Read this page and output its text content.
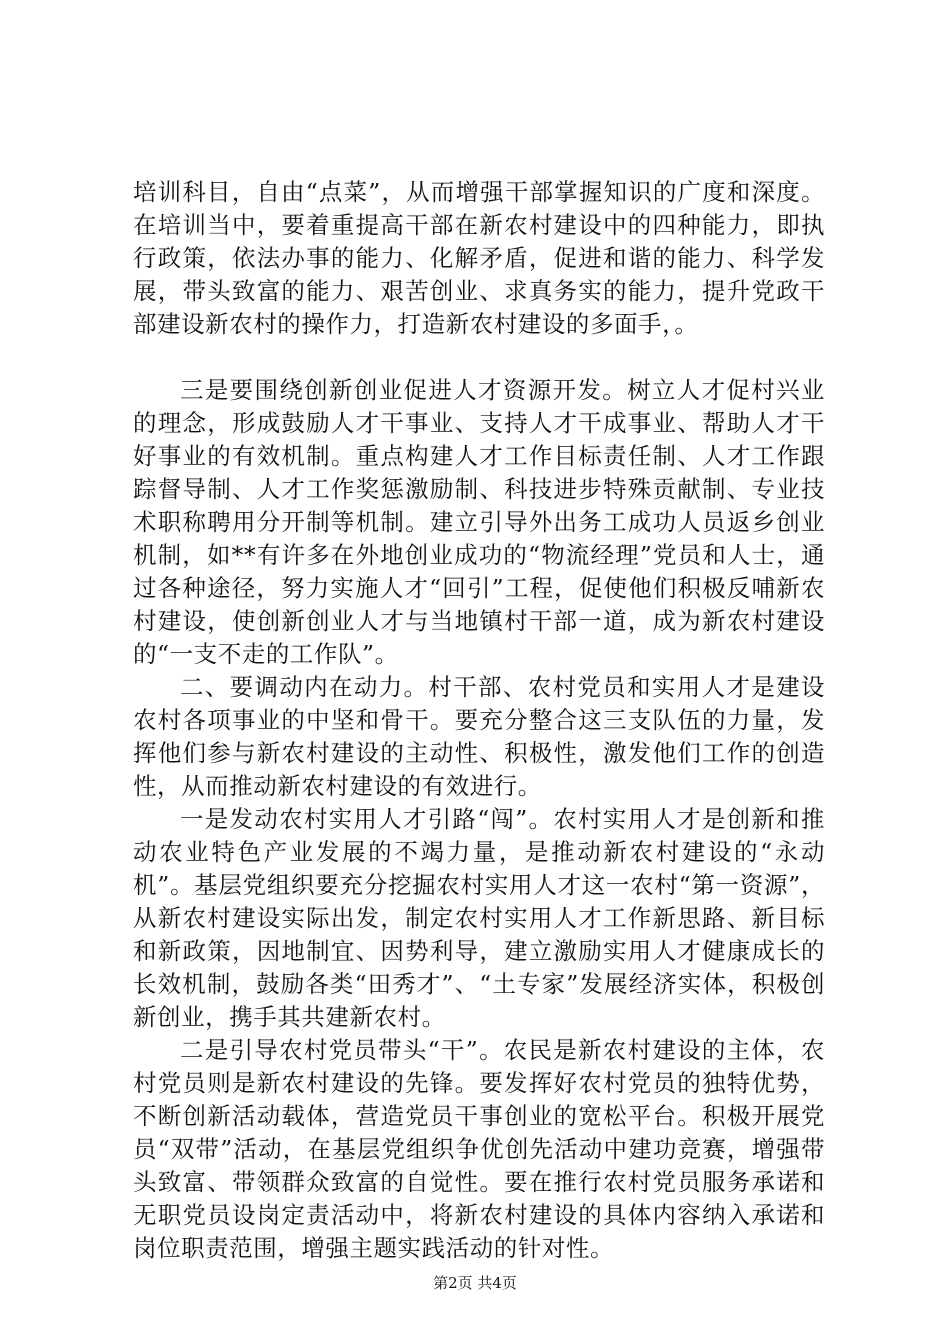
培训科目，自由“点菜”，从而增强干部掌握知识的广度和深度。在培训当中，要着重提高干部在新农村建设中的四种能力，即执行政策，依法办事的能力、化解矛盾，促进和谐的能力、科学发展，带头致富的能力、艰苦创业、求真务实的能力，提升党政干部建设新农村的操作力，打造新农村建设的多面手，。

三是要围绕创新创业促进人才资源开发。树立人才促村兴业的理念，形成鼓励人才干事业、支持人才干成事业、帮助人才干好事业的有效机制。重点构建人才工作目标责任制、人才工作跟踪督导制、人才工作奖惩激励制、科技进步特殊贡献制、专业技术职称聘用分开制等机制。建立引导外出务工成功人员返乡创业机制，如**有许多在外地创业成功的“物流经理”党员和人士，通过各种途径，努力实施人才“回引”工程，促使他们积极反哺新农村建设，使创新创业人才与当地镇村干部一道，成为新农村建设的“一支不走的工作队”。

二、要调动内在动力。村干部、农村党员和实用人才是建设农村各项事业的中坚和骨干。要充分整合这三支队伍的力量，发挥他们参与新农村建设的主动性、积极性，激发他们工作的创造性，从而推动新农村建设的有效进行。

一是发动农村实用人才引路“闯”。农村实用人才是创新和推动农业特色产业发展的不竭力量，是推动新农村建设的“永动机”。基层党组织要充分挖掘农村实用人才这一农村“第一资源”，从新农村建设实际出发，制定农村实用人才工作新思路、新目标和新政策，因地制宜、因势利导，建立激励实用人才健康成长的长效机制，鼓励各类“田秀才”、“土专家”发展经济实体，积极创新创业，携手其共建新农村。

二是引导农村党员带头“干”。农民是新农村建设的主体，农村党员则是新农村建设的先锋。要发挥好农村党员的独特优势，不断创新活动载体，营造党员干事创业的宽松平台。积极开展党员“双带”活动，在基层党组织争优创先活动中建功竞赛，增强带头致富、带领群众致富的自觉性。要在推行农村党员服务承诺和无职党员设岗定责活动中，将新农村建设的具体内容纳入承诺和岗位职责范围，增强主题实践活动的针对性。

第2页 共4页
